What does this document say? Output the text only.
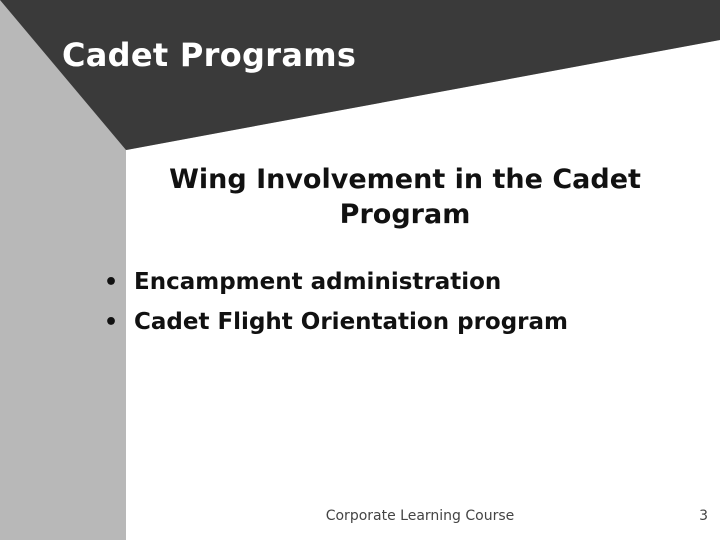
Cadet Programs
Wing Involvement in the Cadet
Program
• Encampment administration
• Cadet Flight Orientation program
Corporate Learning Course	3
